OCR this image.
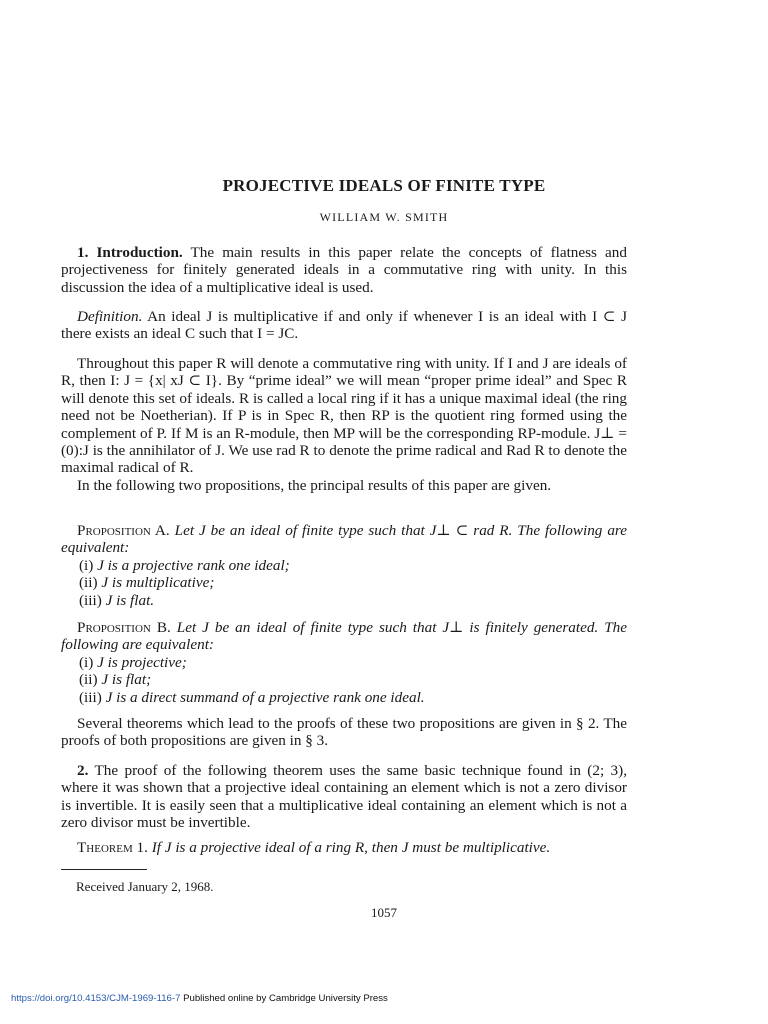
PROJECTIVE IDEALS OF FINITE TYPE
WILLIAM W. SMITH

1. Introduction. The main results in this paper relate the concepts of flatness and projectiveness for finitely generated ideals in a commutative ring with unity. In this discussion the idea of a multiplicative ideal is used.

Definition. An ideal J is multiplicative if and only if whenever I is an ideal with I ⊂ J there exists an ideal C such that I = JC.

Throughout this paper R will denote a commutative ring with unity. If I and J are ideals of R, then I: J = {x| xJ ⊂ I}. By “prime ideal” we will mean “proper prime ideal” and Spec R will denote this set of ideals. R is called a local ring if it has a unique maximal ideal (the ring need not be Noetherian). If P is in Spec R, then RP is the quotient ring formed using the complement of P. If M is an R-module, then MP will be the corresponding RP-module. J⊥ = (0):J is the annihilator of J. We use rad R to denote the prime radical and Rad R to denote the maximal radical of R.

In the following two propositions, the principal results of this paper are given.

Proposition A. Let J be an ideal of finite type such that J⊥ ⊂ rad R. The following are equivalent:

(i) J is a projective rank one ideal;
(ii) J is multiplicative;
(iii) J is flat.

Proposition B. Let J be an ideal of finite type such that J⊥ is finitely generated. The following are equivalent:

(i) J is projective;
(ii) J is flat;
(iii) J is a direct summand of a projective rank one ideal.

Several theorems which lead to the proofs of these two propositions are given in § 2. The proofs of both propositions are given in § 3.

2. The proof of the following theorem uses the same basic technique found in (2; 3), where it was shown that a projective ideal containing an element which is not a zero divisor is invertible. It is easily seen that a multiplicative ideal containing an element which is not a zero divisor must be invertible.

Theorem 1. If J is a projective ideal of a ring R, then J must be multiplicative.

Received January 2, 1968.
1057
https://doi.org/10.4153/CJM-1969-116-7 Published online by Cambridge University Press
